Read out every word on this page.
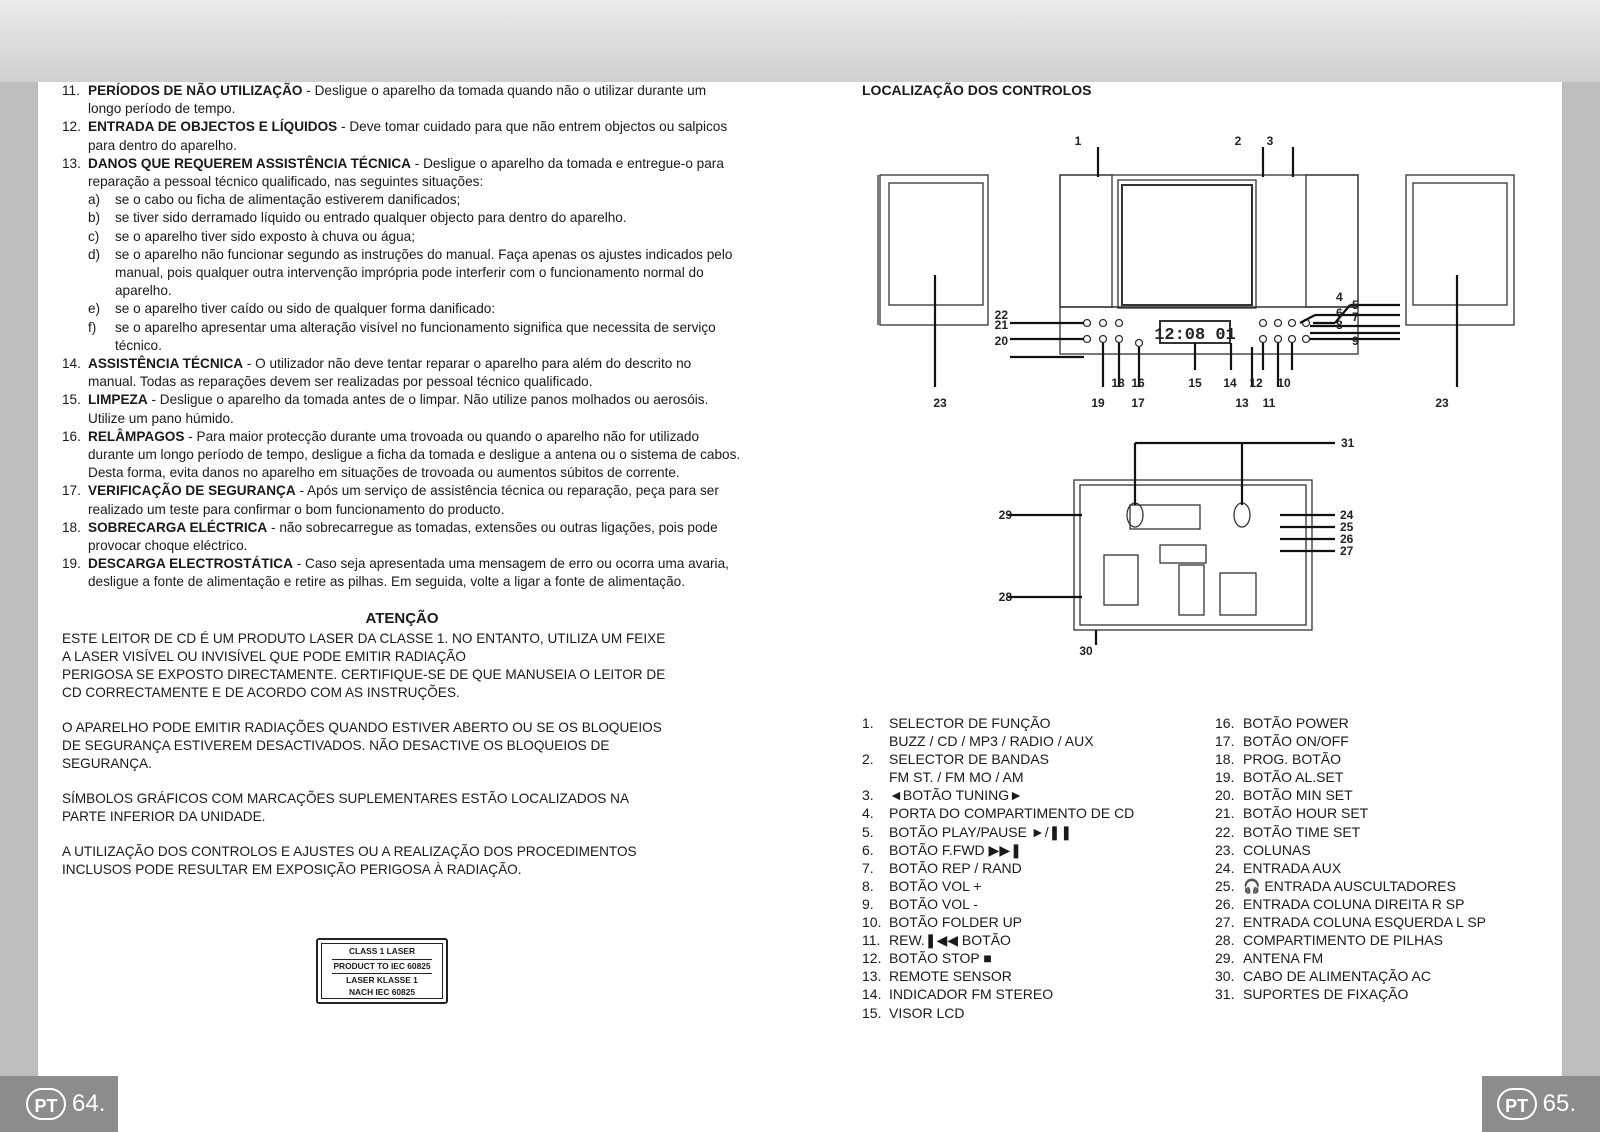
11. PERÍODOS DE NÃO UTILIZAÇÃO - Desligue o aparelho da tomada quando não o utilizar durante um longo período de tempo.
12. ENTRADA DE OBJECTOS E LÍQUIDOS - Deve tomar cuidado para que não entrem objectos ou salpicos para dentro do aparelho.
13. DANOS QUE REQUEREM ASSISTÊNCIA TÉCNICA - Desligue o aparelho da tomada e entregue-o para reparação a pessoal técnico qualificado, nas seguintes situações:
a) se o cabo ou ficha de alimentação estiverem danificados;
b) se tiver sido derramado líquido ou entrado qualquer objecto para dentro do aparelho.
c) se o aparelho tiver sido exposto à chuva ou água;
d) se o aparelho não funcionar segundo as instruções do manual. Faça apenas os ajustes indicados pelo manual, pois qualquer outra intervenção imprópria pode interferir com o funcionamento normal do aparelho.
e) se o aparelho tiver caído ou sido de qualquer forma danificado:
f) se o aparelho apresentar uma alteração visível no funcionamento significa que necessita de serviço técnico.
14. ASSISTÊNCIA TÉCNICA - O utilizador não deve tentar reparar o aparelho para além do descrito no manual. Todas as reparações devem ser realizadas por pessoal técnico qualificado.
15. LIMPEZA - Desligue o aparelho da tomada antes de o limpar. Não utilize panos molhados ou aerosóis. Utilize um pano húmido.
16. RELÂMPAGOS - Para maior protecção durante uma trovoada ou quando o aparelho não for utilizado durante um longo período de tempo, desligue a ficha da tomada e desligue a antena ou o sistema de cabos. Desta forma, evita danos no aparelho em situações de trovoada ou aumentos súbitos de corrente.
17. VERIFICAÇÃO DE SEGURANÇA - Após um serviço de assistência técnica ou reparação, peça para ser realizado um teste para confirmar o bom funcionamento do producto.
18. SOBRECARGA ELÉCTRICA - não sobrecarregue as tomadas, extensões ou outras ligações, pois pode provocar choque eléctrico.
19. DESCARGA ELECTROSTÁTICA - Caso seja apresentada uma mensagem de erro ou ocorra uma avaria, desligue a fonte de alimentação e retire as pilhas. Em seguida, volte a ligar a fonte de alimentação.
ATENÇÃO
ESTE LEITOR DE CD É UM PRODUTO LASER DA CLASSE 1. NO ENTANTO, UTILIZA UM FEIXE
A LASER VISÍVEL OU INVISÍVEL QUE PODE EMITIR RADIAÇÃO
PERIGOSA SE EXPOSTO DIRECTAMENTE. CERTIFIQUE-SE DE QUE MANUSEIA O LEITOR DE
CD CORRECTAMENTE E DE ACORDO COM AS INSTRUÇÕES.
O APARELHO PODE EMITIR RADIAÇÕES QUANDO ESTIVER ABERTO OU SE OS BLOQUEIOS
DE SEGURANÇA ESTIVEREM DESACTIVADOS. NÃO DESACTIVE OS BLOQUEIOS DE
SEGURANÇA.
SÍMBOLOS GRÁFICOS COM MARCAÇÕES SUPLEMENTARES ESTÃO LOCALIZADOS NA
PARTE INFERIOR DA UNIDADE.
A UTILIZAÇÃO DOS CONTROLOS E AJUSTES OU A REALIZAÇÃO DOS PROCEDIMENTOS
INCLUSOS PODE RESULTAR EM EXPOSIÇÃO PERIGOSA À RADIAÇÃO.
CLASS 1 LASER
PRODUCT TO IEC 60825
LASER KLASSE 1
NACH IEC 60825
PT 64.
LOCALIZAÇÃO DOS CONTROLOS
12:08 01
1	2 3
4
5
6 7
8
9
10
11
12
13
14
15
16
17
18
19
20
21
22
23	23
24
25
26
27
28
29
30
31
1. SELECTOR DE FUNÇÃO
BUZZ / CD / MP3 / RADIO / AUX
2. SELECTOR DE BANDAS
FM ST. / FM MO / AM
3. ◄BOTÃO TUNING►
4. PORTA DO COMPARTIMENTO DE CD
5. BOTÃO PLAY/PAUSE ►/❚❚
6. BOTÃO F.FWD ▶▶❚
7. BOTÃO REP / RAND
8. BOTÃO VOL +
9. BOTÃO VOL -
10. BOTÃO FOLDER UP
11. REW.❚◀◀ BOTÃO
12. BOTÃO STOP ■
13. REMOTE SENSOR
14. INDICADOR FM STEREO
15. VISOR LCD
16. BOTÃO POWER
17. BOTÃO ON/OFF
18. PROG. BOTÃO
19. BOTÃO AL.SET
20. BOTÃO MIN SET
21. BOTÃO HOUR SET
22. BOTÃO TIME SET
23. COLUNAS
24. ENTRADA AUX
25. 🎧 ENTRADA AUSCULTADORES
26. ENTRADA COLUNA DIREITA R SP
27. ENTRADA COLUNA ESQUERDA L SP
28. COMPARTIMENTO DE PILHAS
29. ANTENA FM
30. CABO DE ALIMENTAÇÃO AC
31. SUPORTES DE FIXAÇÃO
PT 65.
